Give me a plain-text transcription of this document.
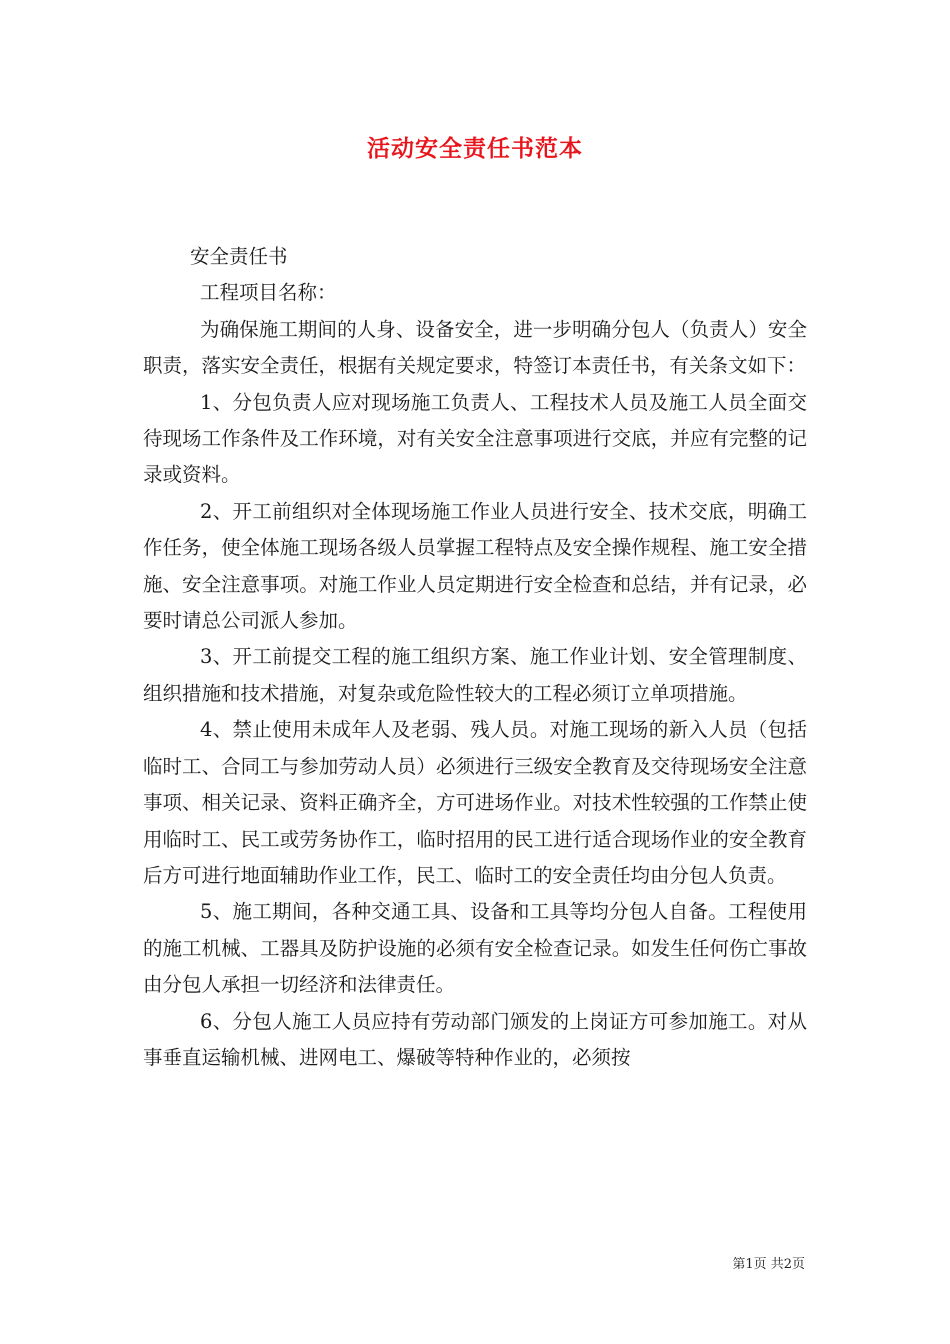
活动安全责任书范本

安全责任书

工程项目名称：

为确保施工期间的人身、设备安全，进一步明确分包人（负责人）安全职责，落实安全责任，根据有关规定要求，特签订本责任书，有关条文如下：

1、分包负责人应对现场施工负责人、工程技术人员及施工人员全面交待现场工作条件及工作环境，对有关安全注意事项进行交底，并应有完整的记录或资料。

2、开工前组织对全体现场施工作业人员进行安全、技术交底，明确工作任务，使全体施工现场各级人员掌握工程特点及安全操作规程、施工安全措施、安全注意事项。对施工作业人员定期进行安全检查和总结，并有记录，必要时请总公司派人参加。

3、开工前提交工程的施工组织方案、施工作业计划、安全管理制度、组织措施和技术措施，对复杂或危险性较大的工程必须订立单项措施。

4、禁止使用未成年人及老弱、残人员。对施工现场的新入人员（包括临时工、合同工与参加劳动人员）必须进行三级安全教育及交待现场安全注意事项、相关记录、资料正确齐全，方可进场作业。对技术性较强的工作禁止使用临时工、民工或劳务协作工，临时招用的民工进行适合现场作业的安全教育后方可进行地面辅助作业工作，民工、临时工的安全责任均由分包人负责。

5、施工期间，各种交通工具、设备和工具等均分包人自备。工程使用的施工机械、工器具及防护设施的必须有安全检查记录。如发生任何伤亡事故由分包人承担一切经济和法律责任。

6、分包人施工人员应持有劳动部门颁发的上岗证方可参加施工。对从事垂直运输机械、进网电工、爆破等特种作业的，必须按

第1页 共2页
